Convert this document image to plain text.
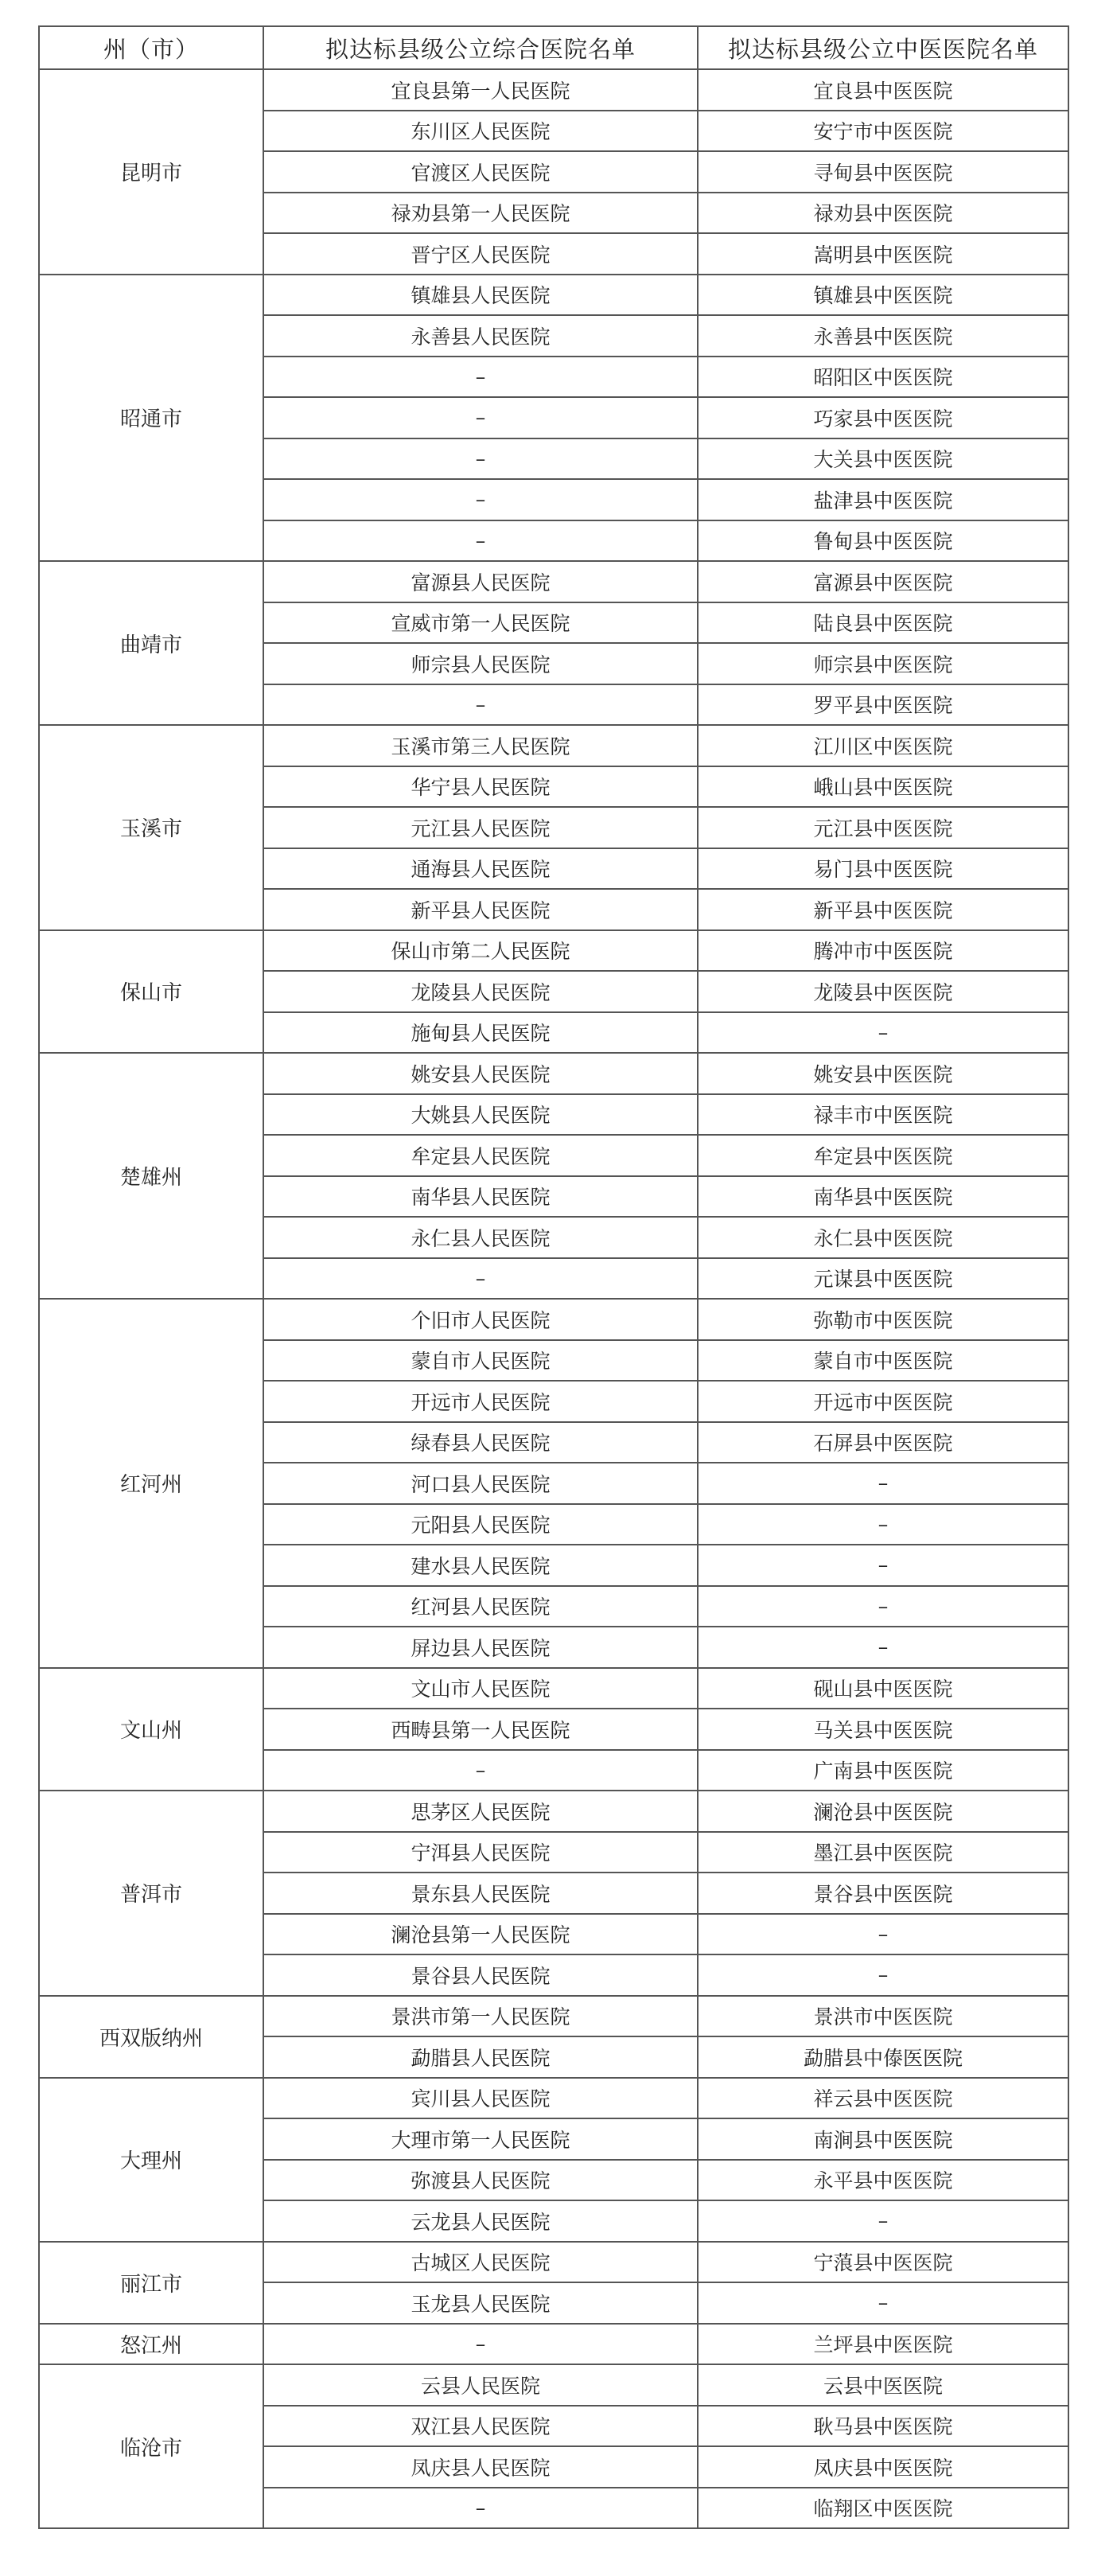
州（市）	拟达标县级公立综合医院名单	拟达标县级公立中医医院名单
昆明市	宜良县第一人民医院	宜良县中医医院
	东川区人民医院	安宁市中医医院
	官渡区人民医院	寻甸县中医医院
	禄劝县第一人民医院	禄劝县中医医院
	晋宁区人民医院	嵩明县中医医院
昭通市	镇雄县人民医院	镇雄县中医医院
	永善县人民医院	永善县中医医院
	–	昭阳区中医医院
	–	巧家县中医医院
	–	大关县中医医院
	–	盐津县中医医院
	–	鲁甸县中医医院
曲靖市	富源县人民医院	富源县中医医院
	宣威市第一人民医院	陆良县中医医院
	师宗县人民医院	师宗县中医医院
	–	罗平县中医医院
玉溪市	玉溪市第三人民医院	江川区中医医院
	华宁县人民医院	峨山县中医医院
	元江县人民医院	元江县中医医院
	通海县人民医院	易门县中医医院
	新平县人民医院	新平县中医医院
保山市	保山市第二人民医院	腾冲市中医医院
	龙陵县人民医院	龙陵县中医医院
	施甸县人民医院	–
楚雄州	姚安县人民医院	姚安县中医医院
	大姚县人民医院	禄丰市中医医院
	牟定县人民医院	牟定县中医医院
	南华县人民医院	南华县中医医院
	永仁县人民医院	永仁县中医医院
	–	元谋县中医医院
红河州	个旧市人民医院	弥勒市中医医院
	蒙自市人民医院	蒙自市中医医院
	开远市人民医院	开远市中医医院
	绿春县人民医院	石屏县中医医院
	河口县人民医院	–
	元阳县人民医院	–
	建水县人民医院	–
	红河县人民医院	–
	屏边县人民医院	–
文山州	文山市人民医院	砚山县中医医院
	西畴县第一人民医院	马关县中医医院
	–	广南县中医医院
普洱市	思茅区人民医院	澜沧县中医医院
	宁洱县人民医院	墨江县中医医院
	景东县人民医院	景谷县中医医院
	澜沧县第一人民医院	–
	景谷县人民医院	–
西双版纳州	景洪市第一人民医院	景洪市中医医院
	勐腊县人民医院	勐腊县中傣医医院
大理州	宾川县人民医院	祥云县中医医院
	大理市第一人民医院	南涧县中医医院
	弥渡县人民医院	永平县中医医院
	云龙县人民医院	–
丽江市	古城区人民医院	宁蒗县中医医院
	玉龙县人民医院	–
怒江州	–	兰坪县中医医院
临沧市	云县人民医院	云县中医医院
	双江县人民医院	耿马县中医医院
	凤庆县人民医院	凤庆县中医医院
	–	临翔区中医医院
